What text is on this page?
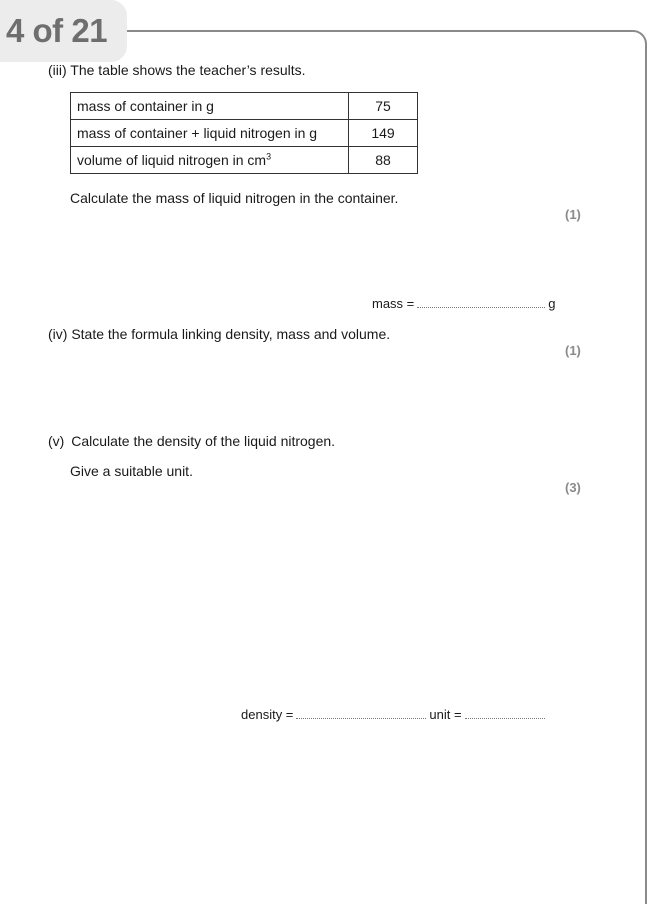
4 of 21
(iii) The table shows the teacher’s results.
mass of container in g	75
mass of container + liquid nitrogen in g	149
volume of liquid nitrogen in $cm^3$	88
Calculate the mass of liquid nitrogen in the container.
(1)
mass =	g
(iv) State the formula linking density, mass and volume.
(1)
(v) Calculate the density of the liquid nitrogen.
Give a suitable unit.
(3)
density =	unit =
